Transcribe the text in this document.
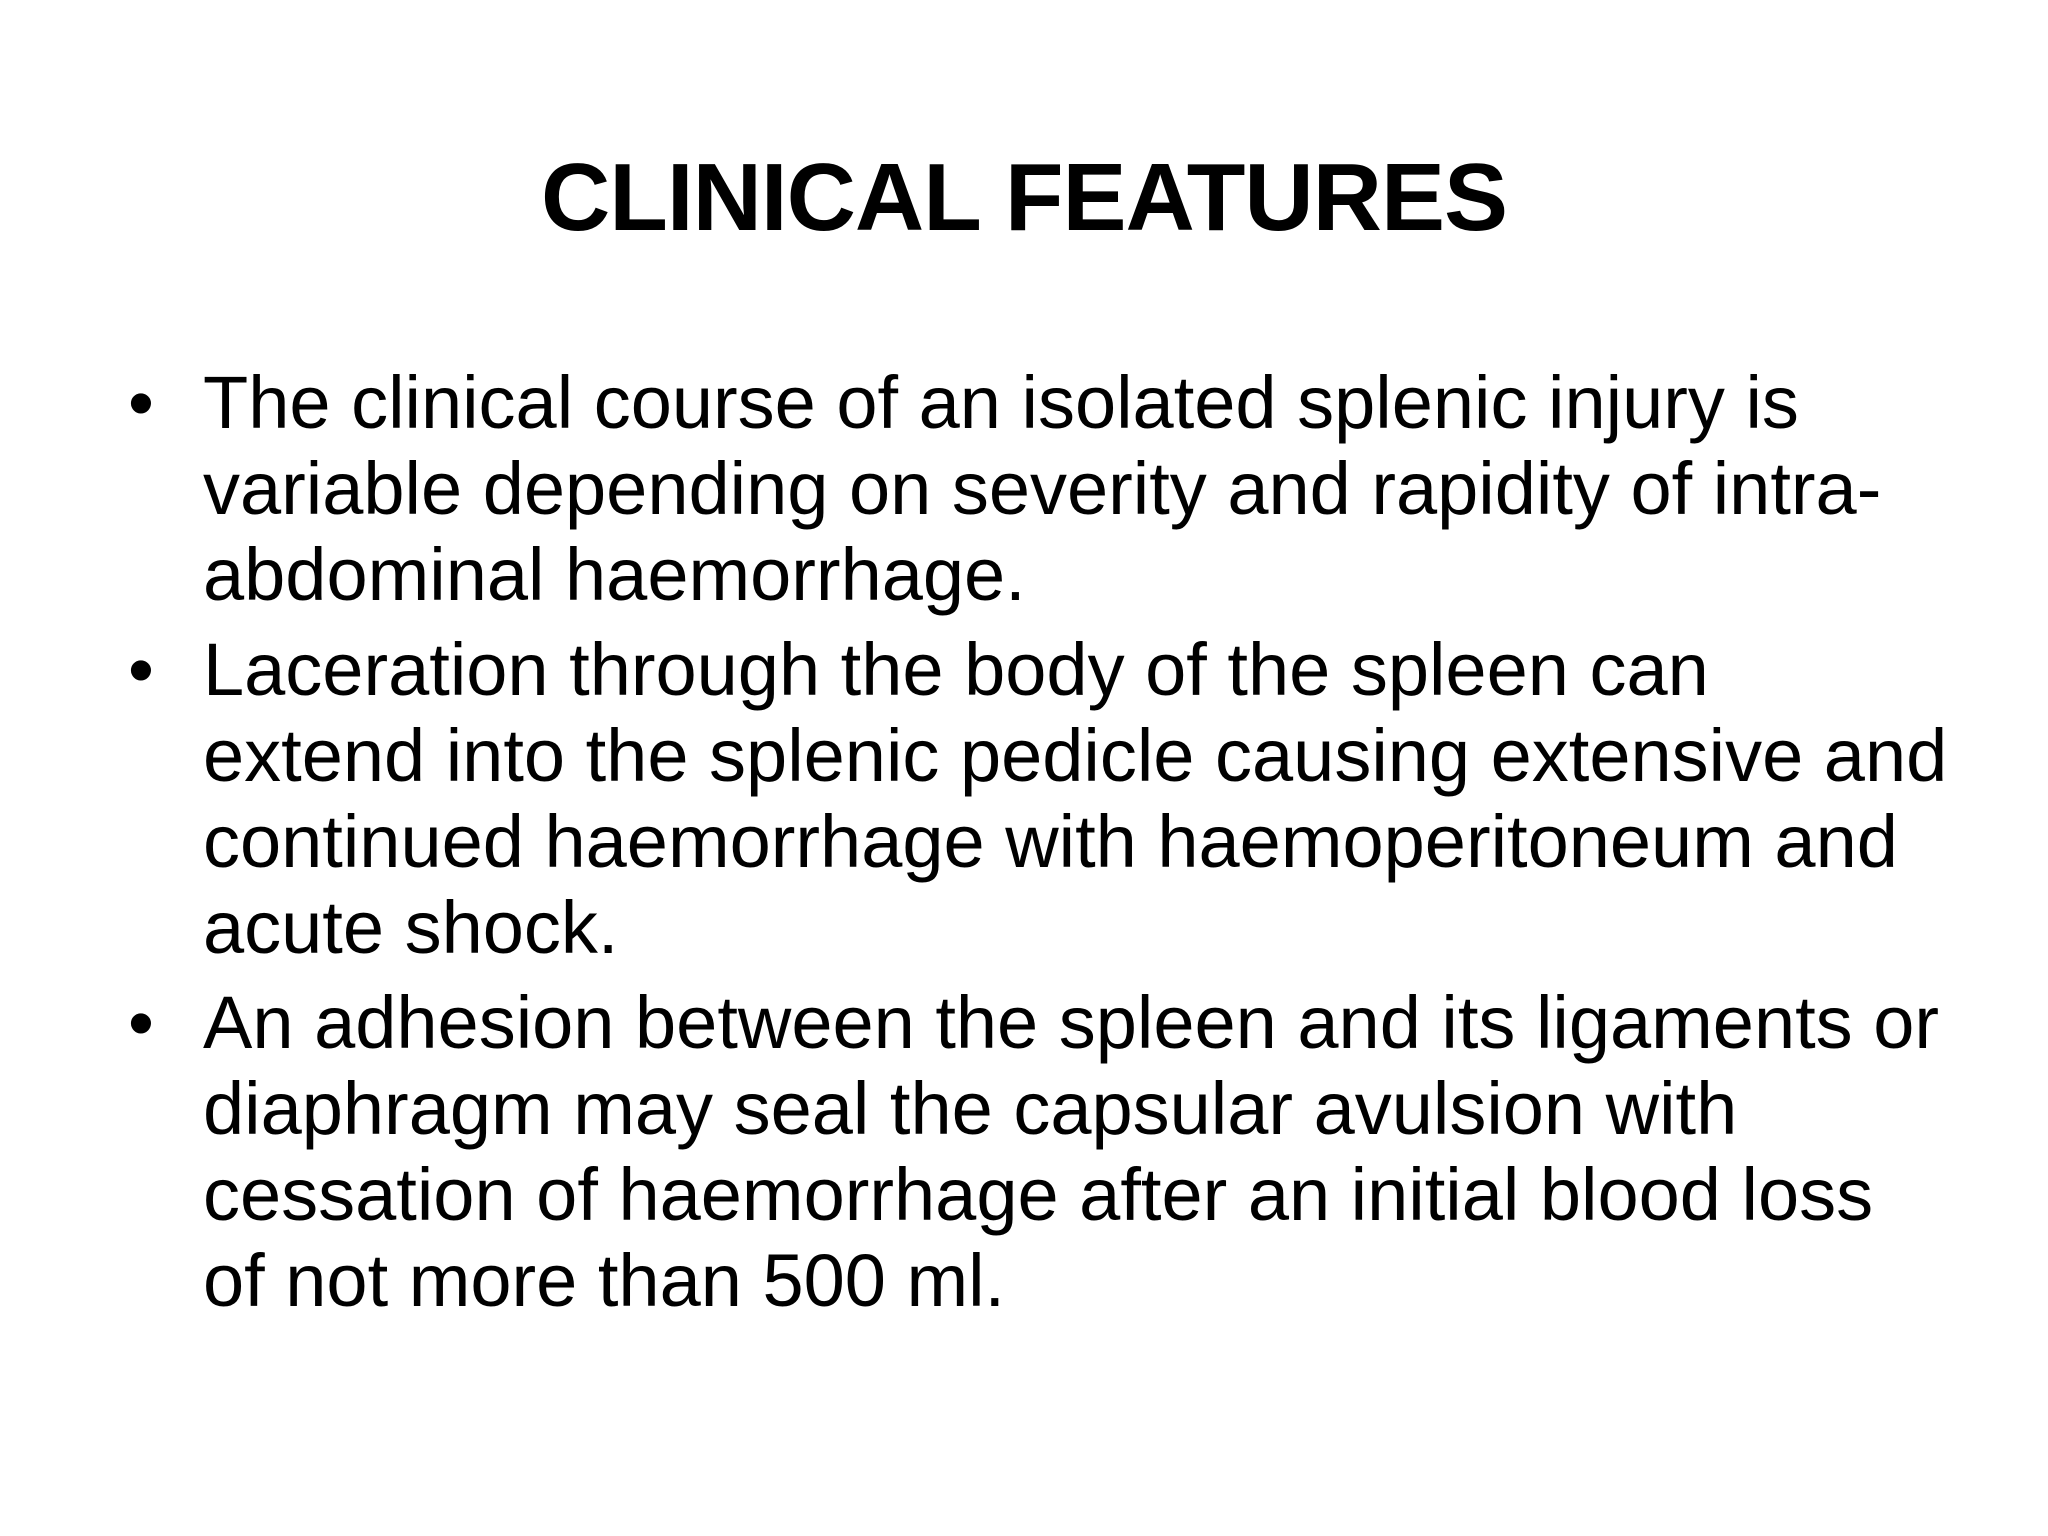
CLINICAL FEATURES
• The clinical course of an isolated splenic injury is variable depending on severity and rapidity of intra-abdominal haemorrhage.
• Laceration through the body of the spleen can extend into the splenic pedicle causing extensive and continued haemorrhage with haemoperitoneum and acute shock.
• An adhesion between the spleen and its ligaments or diaphragm may seal the capsular avulsion with cessation of haemorrhage after an initial blood loss of not more than 500 ml.
